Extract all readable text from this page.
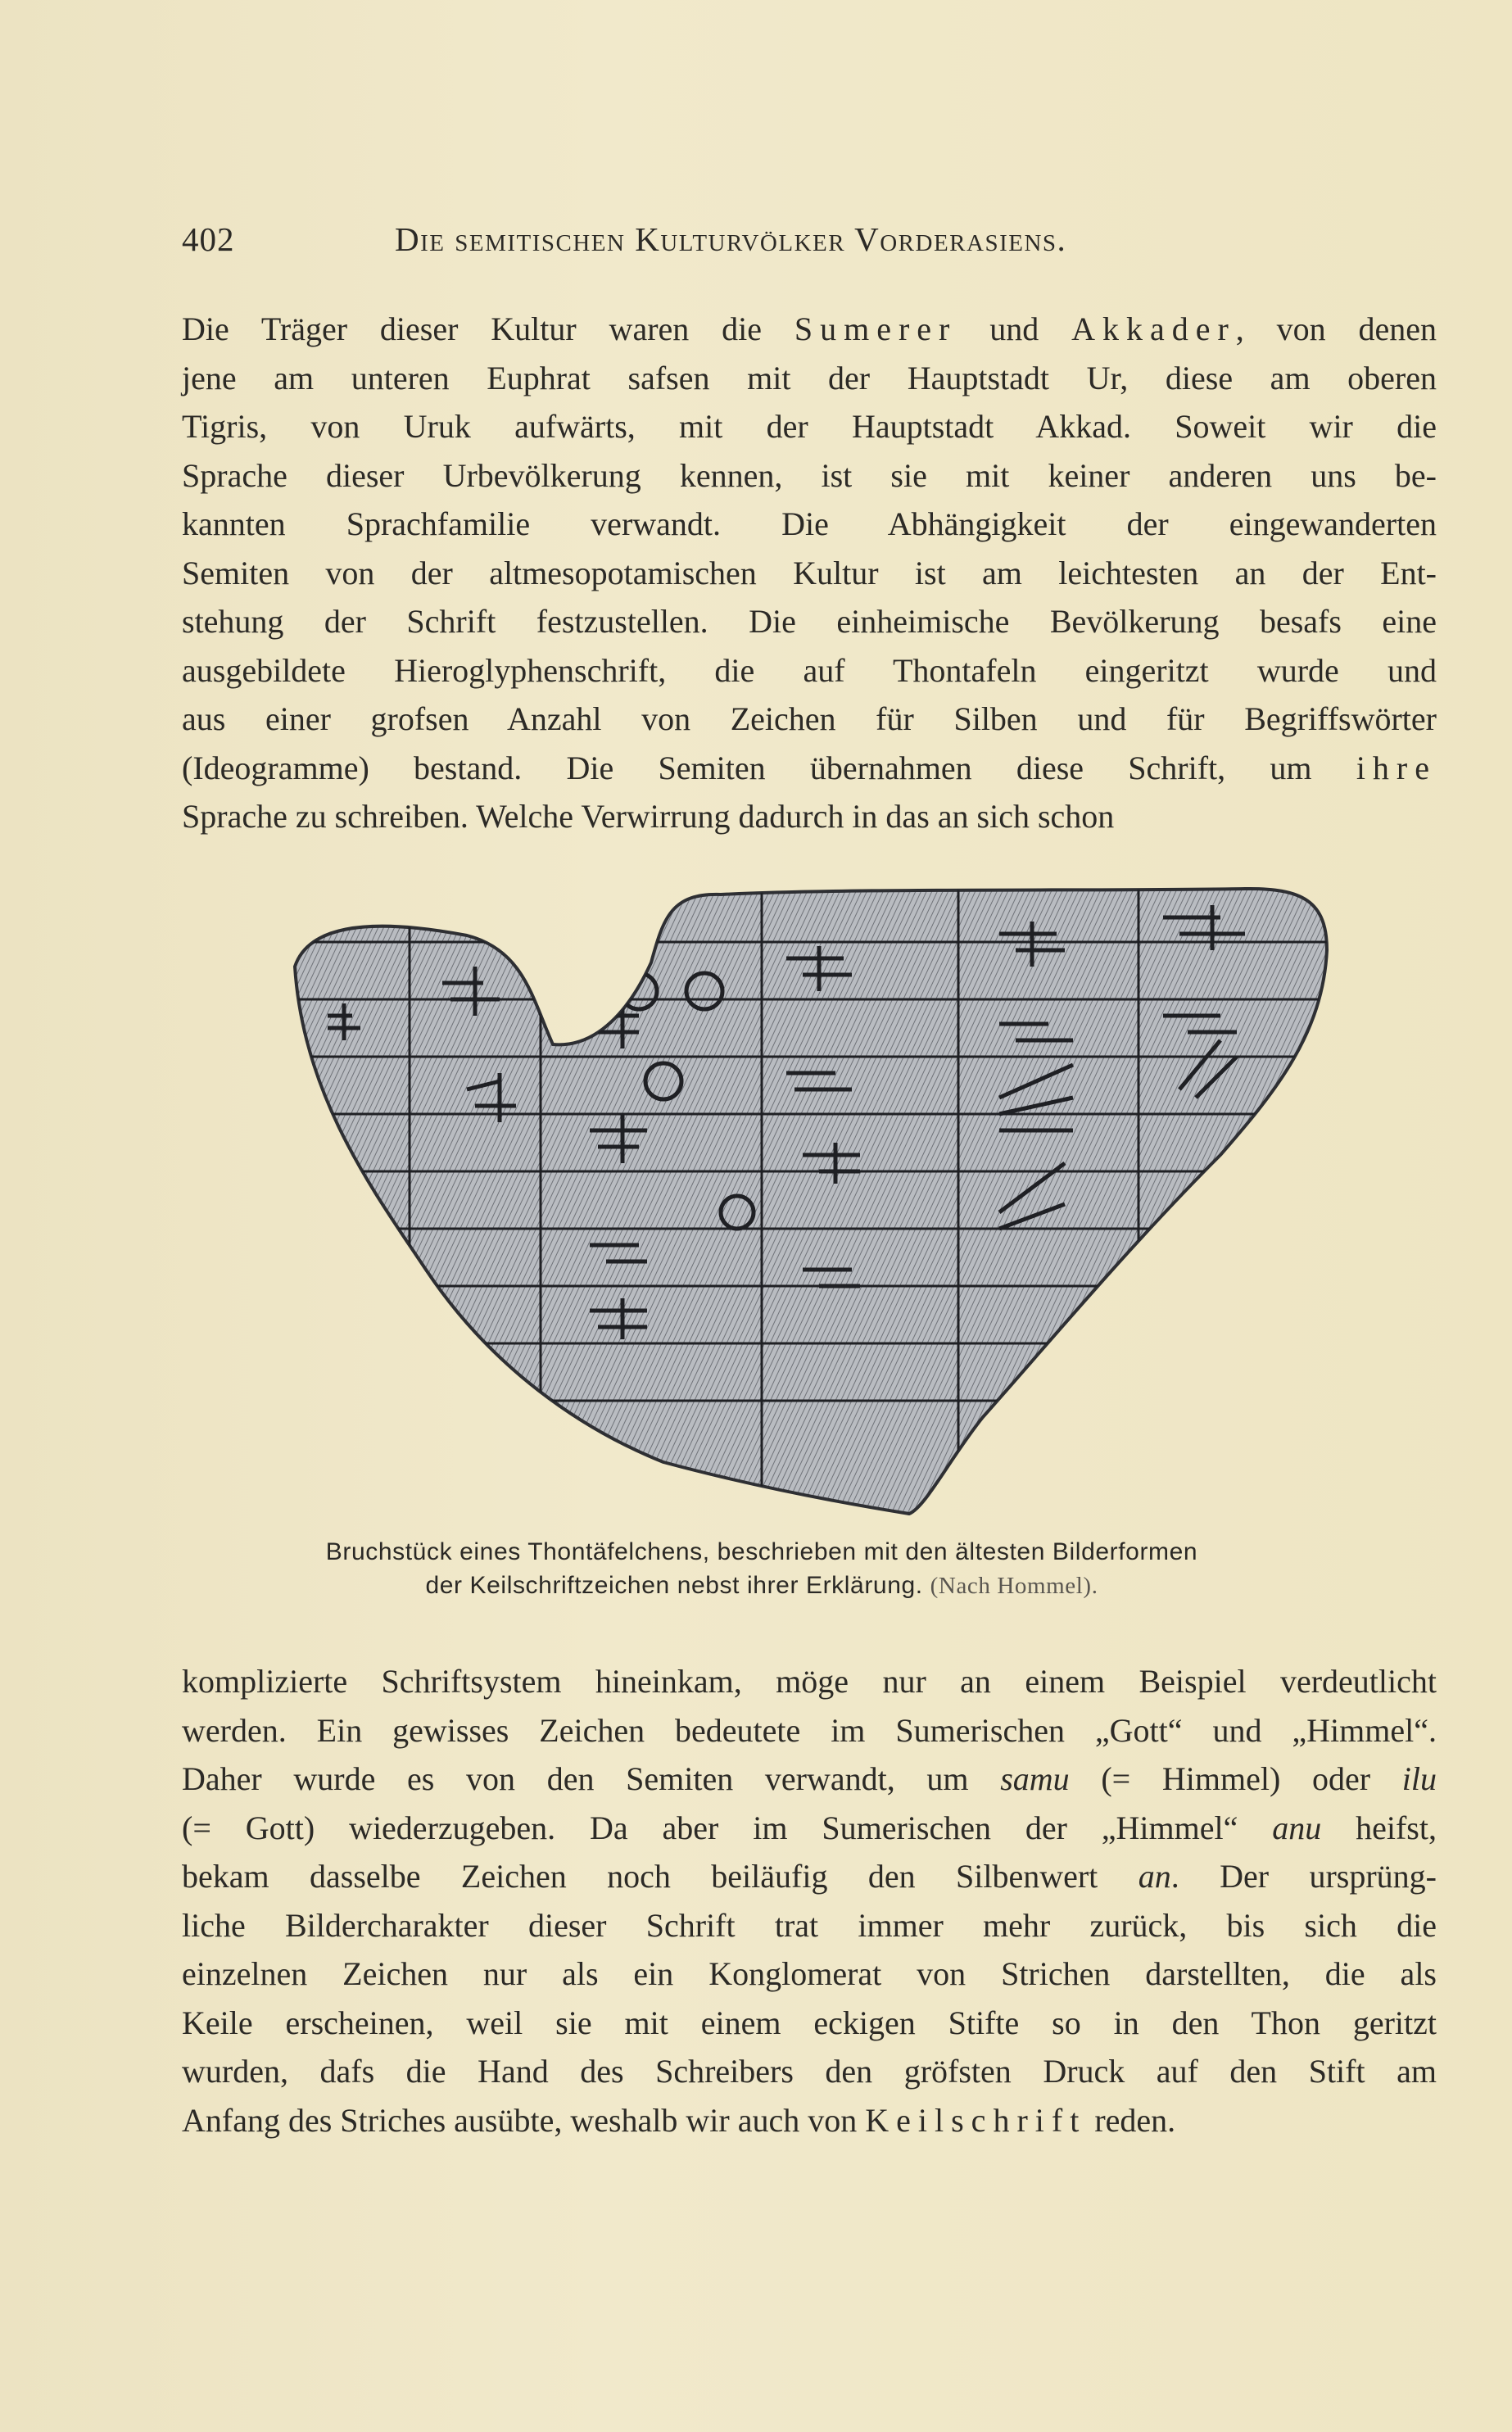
402	Die semitischen Kulturvölker Vorderasiens.
Die Träger dieser Kultur waren die Sumerer und Akkader, von denen
jene am unteren Euphrat safsen mit der Hauptstadt Ur, diese am oberen
Tigris, von Uruk aufwärts, mit der Hauptstadt Akkad. Soweit wir die
Sprache dieser Urbevölkerung kennen, ist sie mit keiner anderen uns be-
kannten Sprachfamilie verwandt. Die Abhängigkeit der eingewanderten
Semiten von der altmesopotamischen Kultur ist am leichtesten an der Ent-
stehung der Schrift festzustellen. Die einheimische Bevölkerung besafs eine
ausgebildete Hieroglyphenschrift, die auf Thontafeln eingeritzt wurde und
aus einer grofsen Anzahl von Zeichen für Silben und für Begriffswörter
(Ideogramme) bestand. Die Semiten übernahmen diese Schrift, um ihre
Sprache zu schreiben. Welche Verwirrung dadurch in das an sich schon
Bruchstück eines Thontäfelchens, beschrieben mit den ältesten Bilderformen
der Keilschriftzeichen nebst ihrer Erklärung. (Nach Hommel).
komplizierte Schriftsystem hineinkam, möge nur an einem Beispiel verdeutlicht
werden. Ein gewisses Zeichen bedeutete im Sumerischen „Gott“ und „Himmel“.
Daher wurde es von den Semiten verwandt, um samu (= Himmel) oder ilu
(= Gott) wiederzugeben. Da aber im Sumerischen der „Himmel“ anu heifst,
bekam dasselbe Zeichen noch beiläufig den Silbenwert an. Der ursprüng-
liche Bildercharakter dieser Schrift trat immer mehr zurück, bis sich die
einzelnen Zeichen nur als ein Konglomerat von Strichen darstellten, die als
Keile erscheinen, weil sie mit einem eckigen Stifte so in den Thon geritzt
wurden, dafs die Hand des Schreibers den gröfsten Druck auf den Stift am
Anfang des Striches ausübte, weshalb wir auch von Keilschrift reden.
